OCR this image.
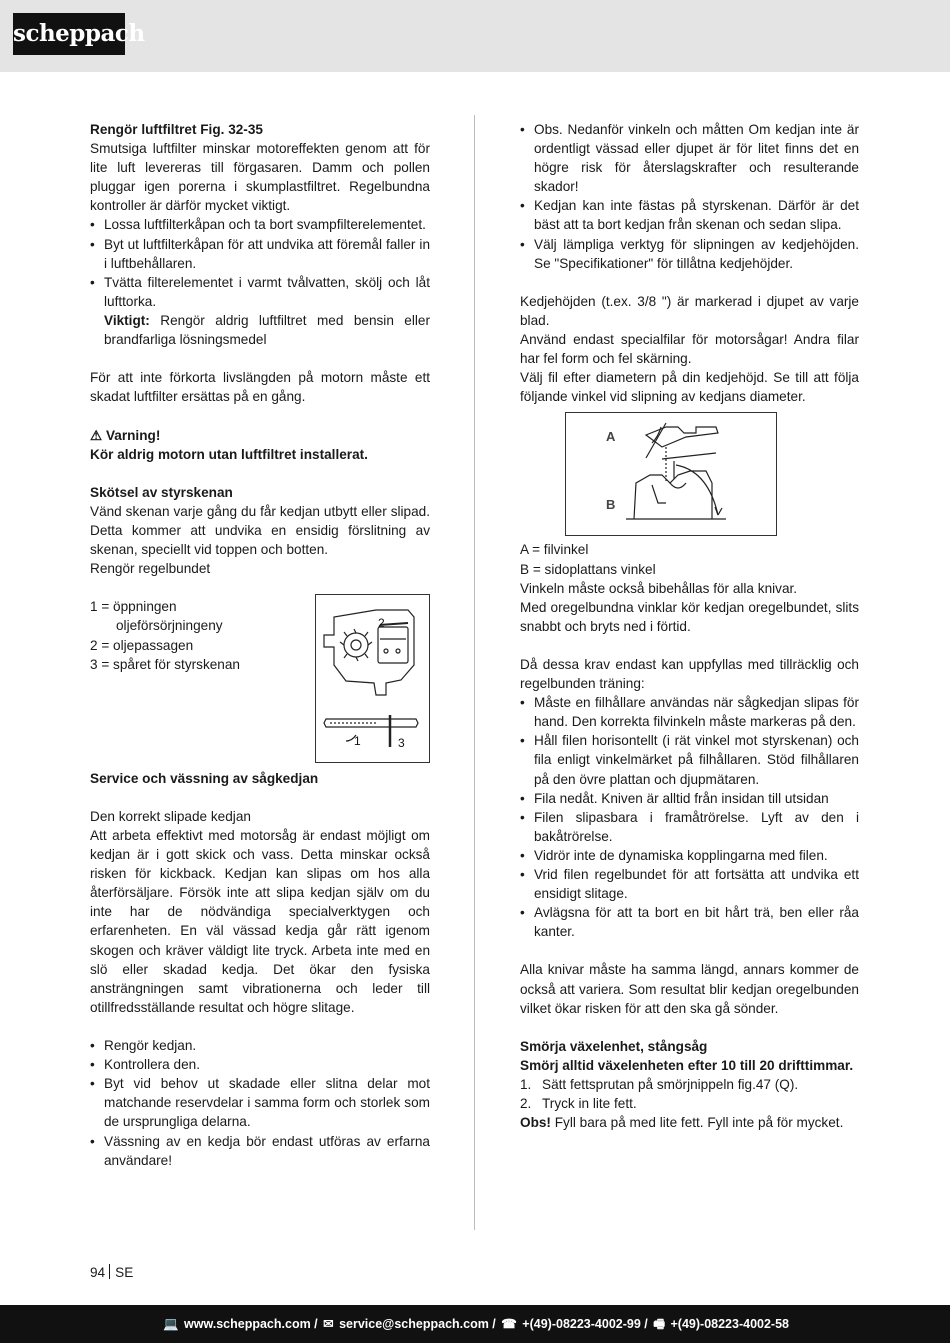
scheppach

Rengör luftfiltret Fig. 32-35

Smutsiga luftfilter minskar motoreffekten genom att för lite luft levereras till förgasaren. Damm och pollen pluggar igen porerna i skumplastfiltret. Regelbundna kontroller är därför mycket viktigt.

• Lossa luftfilterkåpan och ta bort svampfilterelementet.
• Byt ut luftfilterkåpan för att undvika att föremål faller in i luftbehållaren.
• Tvätta filterelementet i varmt tvålvatten, skölj och låt lufttorka.

Viktigt: Rengör aldrig luftfiltret med bensin eller brandfarliga lösningsmedel

För att inte förkorta livslängden på motorn måste ett skadat luftfilter ersättas på en gång.

⚠ Varning!

Kör aldrig motorn utan luftfiltret installerat.

Skötsel av styrskenan

Vänd skenan varje gång du får kedjan utbytt eller slipad. Detta kommer att undvika en ensidig förslitning av skenan, speciellt vid toppen och botten.

Rengör regelbundet

1 = öppningen

oljeförsörjningeny

2 = oljepassagen

3 = spåret för styrskenan

Service och vässning av sågkedjan

Den korrekt slipade kedjan

Att arbeta effektivt med motorsåg är endast möjligt om kedjan är i gott skick och vass. Detta minskar också risken för kickback. Kedjan kan slipas om hos alla återförsäljare. Försök inte att slipa kedjan själv om du inte har de nödvändiga specialverktygen och erfarenheten. En väl vässad kedja går rätt igenom skogen och kräver väldigt lite tryck. Arbeta inte med en slö eller skadad kedja. Det ökar den fysiska ansträngningen samt vibrationerna och leder till otillfredsställande resultat och högre slitage.

• Rengör kedjan.
• Kontrollera den.
• Byt vid behov ut skadade eller slitna delar mot matchande reservdelar i samma form och storlek som de ursprungliga delarna.
• Vässning av en kedja bör endast utföras av erfarna användare!
2
1	3
• Obs. Nedanför vinkeln och måtten Om kedjan inte är ordentligt vässad eller djupet är för litet finns det en högre risk för återslagskrafter och resulterande skador!
• Kedjan kan inte fästas på styrskenan. Därför är det bäst att ta bort kedjan från skenan och sedan slipa.
• Välj lämpliga verktyg för slipningen av kedjehöjden. Se "Specifikationer" för tillåtna kedjehöjder.

Kedjehöjden (t.ex. 3/8 ") är markerad i djupet av varje blad.

Använd endast specialfilar för motorsågar! Andra filar har fel form och fel skärning.

Välj fil efter diametern på din kedjehöjd. Se till att följa följande vinkel vid slipning av kedjans diameter.

A = filvinkel

B = sidoplattans vinkel

Vinkeln måste också bibehållas för alla knivar.

Med oregelbundna vinklar kör kedjan oregelbundet, slits snabbt och bryts ned i förtid.

Då dessa krav endast kan uppfyllas med tillräcklig och regelbunden träning:

• Måste en filhållare användas när sågkedjan slipas för hand. Den korrekta filvinkeln måste markeras på den.
• Håll filen horisontellt (i rät vinkel mot styrskenan) och fila enligt vinkelmärket på filhållaren. Stöd filhållaren på den övre plattan och djupmätaren.
• Fila nedåt. Kniven är alltid från insidan till utsidan
• Filen slipasbara i framåtrörelse. Lyft av den i bakåtrörelse.
• Vidrör inte de dynamiska kopplingarna med filen.
• Vrid filen regelbundet för att fortsätta att undvika ett ensidigt slitage.
• Avlägsna för att ta bort en bit hårt trä, ben eller råa kanter.

Alla knivar måste ha samma längd, annars kommer de också att variera. Som resultat blir kedjan oregelbunden vilket ökar risken för att den ska gå sönder.

Smörja växelenhet, stångsåg

Smörj alltid växelenheten efter 10 till 20 drifttimmar.

1. Sätt fettsprutan på smörjnippeln fig.47 (Q).
2. Tryck in lite fett.

Obs! Fyll bara på med lite fett. Fyll inte på för mycket.

A
B
94 SE
💻 www.scheppach.com / ✉ service@scheppach.com / ☎ +(49)-08223-4002-99 / 🖷 +(49)-08223-4002-58
